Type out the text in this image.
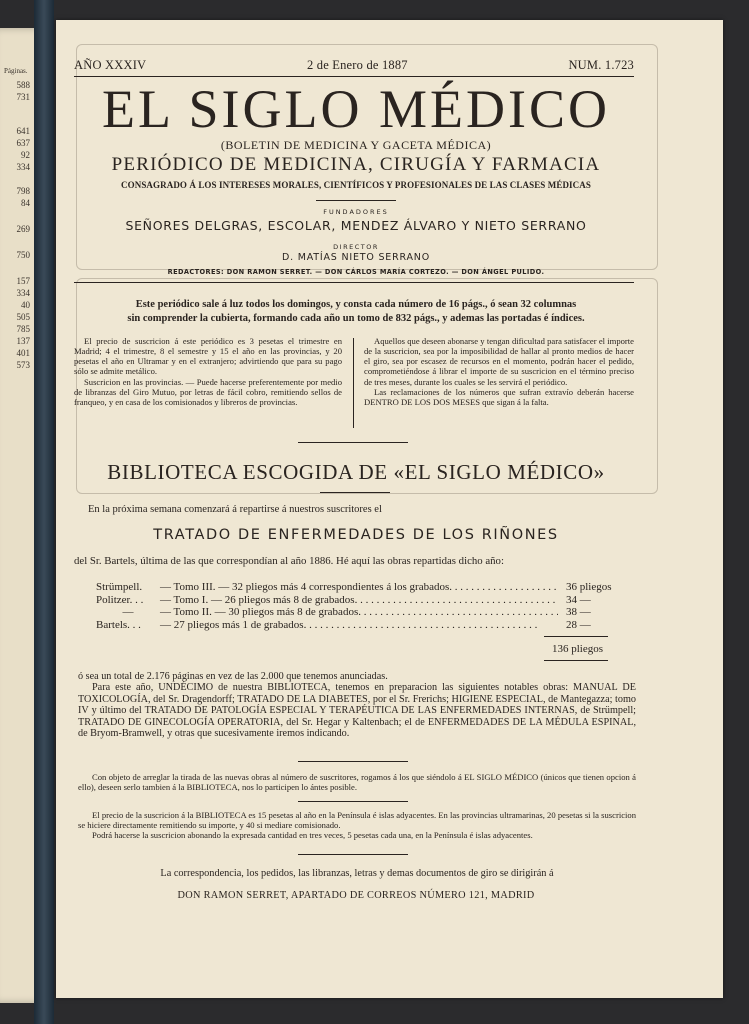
Páginas.
588
731
641
637
92
334
798
84
269
750
157
334
40
505
785
137
401
573
AÑO XXXIV	2 de Enero de 1887	NUM. 1.723
EL SIGLO MÉDICO
(BOLETIN DE MEDICINA Y GACETA MÉDICA)
PERIÓDICO DE MEDICINA, CIRUGÍA Y FARMACIA
CONSAGRADO Á LOS INTERESES MORALES, CIENTÍFICOS Y PROFESIONALES DE LAS CLASES MÉDICAS
FUNDADORES
SEÑORES DELGRAS, ESCOLAR, MENDEZ ÁLVARO Y NIETO SERRANO
DIRECTOR
D. MATÍAS NIETO SERRANO
REDACTORES: DON RAMON SERRET. — DON CÁRLOS MARÍA CORTEZO. — DON ÁNGEL PULIDO.
Este periódico sale á luz todos los domingos, y consta cada número de 16 págs., ó sean 32 columnas
sin comprender la cubierta, formando cada año un tomo de 832 págs., y ademas las portadas é índices.

El precio de suscricion á este periódico es 3 pesetas el trimestre en Madrid; 4 el trimestre, 8 el semestre y 15 el año en las provincias, y 20 pesetas el año en Ultramar y en el extranjero; advirtiendo que para su pago sólo se admite metálico.

Suscricion en las provincias. — Puede hacerse preferentemente por medio de libranzas del Giro Mutuo, por letras de fácil cobro, remitiendo sellos de franqueo, y en casa de los comisionados y libreros de provincias.

Aquellos que deseen abonarse y tengan dificultad para satisfacer el importe de la suscricion, sea por la imposibilidad de hallar al pronto medios de hacer el giro, sea por escasez de recursos en el momento, podrán hacer el pedido, comprometiéndose á librar el importe de su suscricion en el término preciso de tres meses, durante los cuales se les servirá el periódico.

Las reclamaciones de los números que sufran extravío deberán hacerse DENTRO DE LOS DOS MESES que sigan á la falta.

BIBLIOTECA ESCOGIDA DE «EL SIGLO MÉDICO»
En la próxima semana comenzará á repartirse á nuestros suscritores el
TRATADO DE ENFERMEDADES DE LOS RIÑONES
del Sr. Bartels, última de las que correspondían al año 1886. Hé aquí las obras repartidas dicho año:
Strümpell.	— Tomo III. — 32 pliegos más 4 correspondientes á los grabados . . .	36 pliegos
Politzer. . .	— Tomo I. — 26 pliegos más 8 de grabados . . .	34 —
—	— Tomo II. — 30 pliegos más 8 de grabados . . .	38 —
Bartels. . .	— 27 pliegos más 1 de grabados . . .	28 —
136 pliegos

ó sea un total de 2.176 páginas en vez de las 2.000 que tenemos anunciadas.

Para este año, UNDÉCIMO de nuestra BIBLIOTECA, tenemos en preparacion las siguientes notables obras: MANUAL DE TOXICOLOGÍA, del Sr. Dragendorff; TRATADO DE LA DIABETES, por el Sr. Frerichs; HIGIENE ESPECIAL, de Mantegazza; tomo IV y último del TRATADO DE PATOLOGÍA ESPECIAL Y TERAPÉUTICA DE LAS ENFERMEDADES INTERNAS, de Strümpell; TRATADO DE GINECOLOGÍA OPERATORIA, del Sr. Hegar y Kaltenbach; el de ENFERMEDADES DE LA MÉDULA ESPINAL, de Bryom-Bramwell, y otras que sucesivamente iremos indicando.

Con objeto de arreglar la tirada de las nuevas obras al número de suscritores, rogamos á los que siéndolo á EL SIGLO MÉDICO (únicos que tienen opcion á ello), deseen serlo tambien á la BIBLIOTECA, nos lo participen lo ántes posible.

El precio de la suscricion á la BIBLIOTECA es 15 pesetas al año en la Península é islas adyacentes. En las provincias ultramarinas, 20 pesetas si la suscricion se hiciere directamente remitiendo su importe, y 40 si mediare comisionado.

Podrá hacerse la suscricion abonando la expresada cantidad en tres veces, 5 pesetas cada una, en la Península é islas adyacentes.

La correspondencia, los pedidos, las libranzas, letras y demas documentos de giro se dirigirán á
DON RAMON SERRET, APARTADO DE CORREOS NÚMERO 121, MADRID
